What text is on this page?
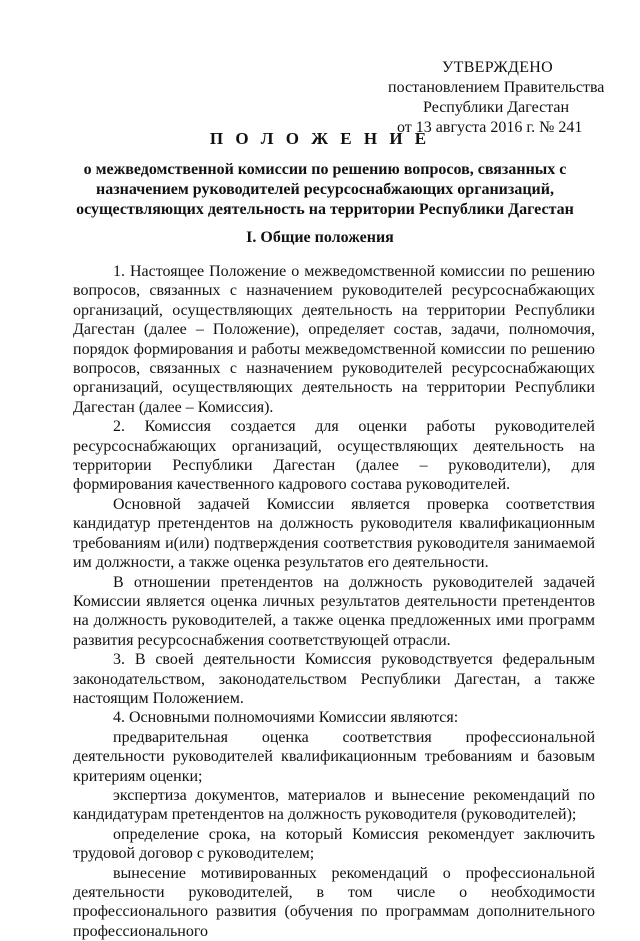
УТВЕРЖДЕНО
постановлением Правительства
Республики Дагестан
от 13 августа 2016 г. № 241
П О Л О Ж Е Н И Е
о межведомственной комиссии по решению вопросов, связанных с назначением руководителей ресурсоснабжающих организаций, осуществляющих деятельность на территории Республики Дагестан
I. Общие положения

1. Настоящее Положение о межведомственной комиссии по решению вопросов, связанных с назначением руководителей ресурсоснабжающих организаций, осуществляющих деятельность на территории Республики Дагестан (далее – Положение), определяет состав, задачи, полномочия, порядок формирования и работы межведомственной комиссии по решению вопросов, связанных с назначением руководителей ресурсоснабжающих организаций, осуществляющих деятельность на территории Республики Дагестан (далее – Комиссия).

2. Комиссия создается для оценки работы руководителей ресурсоснабжающих организаций, осуществляющих деятельность на территории Республики Дагестан (далее – руководители), для формирования качественного кадрового состава руководителей.

Основной задачей Комиссии является проверка соответствия кандидатур претендентов на должность руководителя квалификационным требованиям и(или) подтверждения соответствия руководителя занимаемой им должности, а также оценка результатов его деятельности.

В отношении претендентов на должность руководителей задачей Комиссии является оценка личных результатов деятельности претендентов на должность руководителей, а также оценка предложенных ими программ развития ресурсоснабжения соответствующей отрасли.

3. В своей деятельности Комиссия руководствуется федеральным законодательством, законодательством Республики Дагестан, а также настоящим Положением.

4. Основными полномочиями Комиссии являются:

предварительная оценка соответствия профессиональной деятельности руководителей квалификационным требованиям и базовым критериям оценки;

экспертиза документов, материалов и вынесение рекомендаций по кандидатурам претендентов на должность руководителя (руководителей);

определение срока, на который Комиссия рекомендует заключить трудовой договор с руководителем;

вынесение мотивированных рекомендаций о профессиональной деятельности руководителей, в том числе о необходимости профессионального развития (обучения по программам дополнительного профессионального
